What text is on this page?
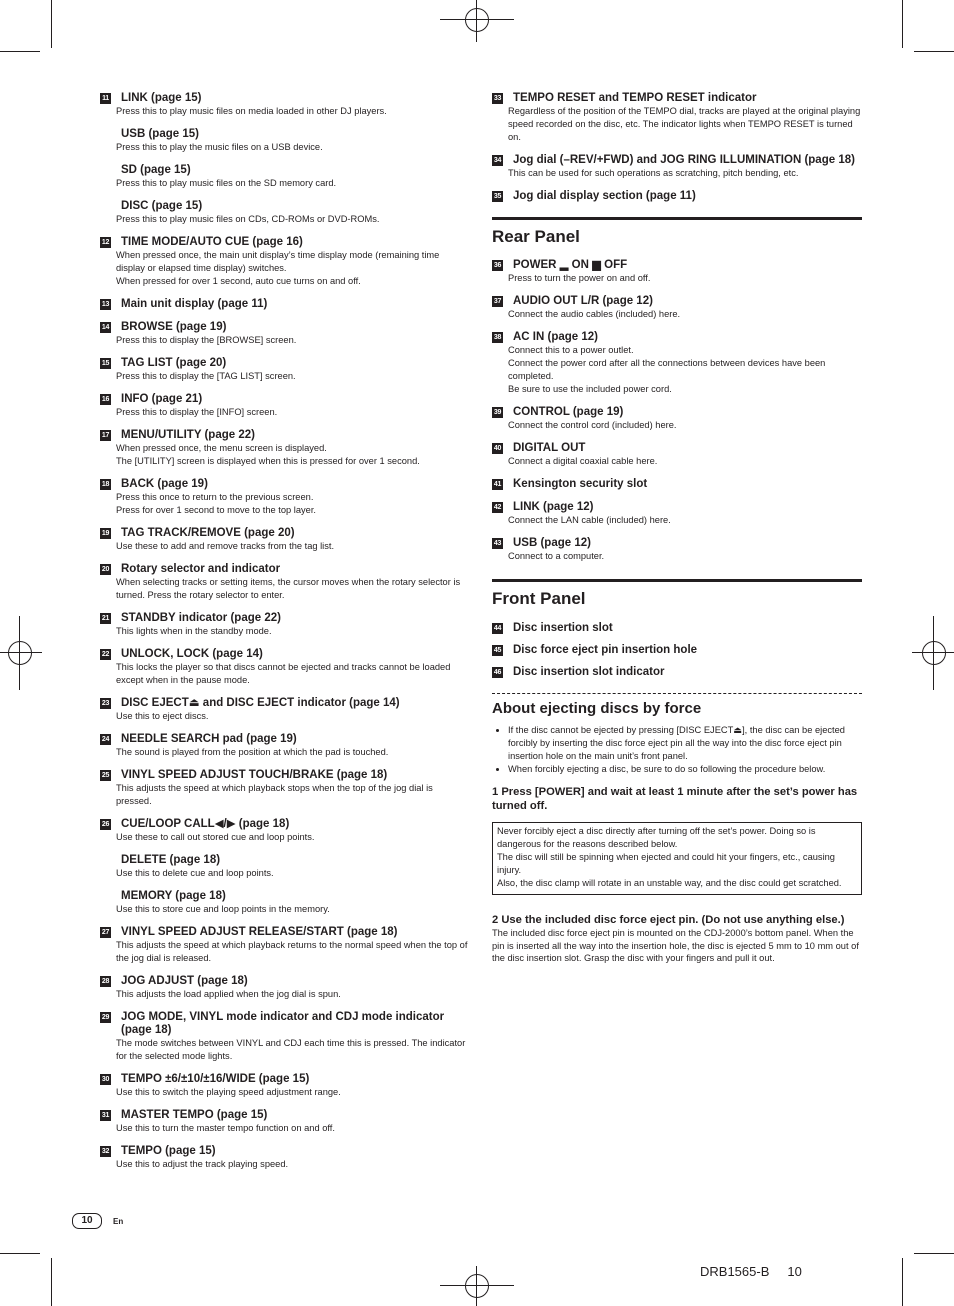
11 LINK (page 15)
Press this to play music files on media loaded in other DJ players.
USB (page 15)
Press this to play the music files on a USB device.
SD (page 15)
Press this to play music files on the SD memory card.
DISC (page 15)
Press this to play music files on CDs, CD-ROMs or DVD-ROMs.
12 TIME MODE/AUTO CUE (page 16)
When pressed once, the main unit display’s time display mode (remaining time display or elapsed time display) switches.
When pressed for over 1 second, auto cue turns on and off.
13 Main unit display (page 11)
14 BROWSE (page 19)
Press this to display the [BROWSE] screen.
15 TAG LIST (page 20)
Press this to display the [TAG LIST] screen.
16 INFO (page 21)
Press this to display the [INFO] screen.
17 MENU/UTILITY (page 22)
When pressed once, the menu screen is displayed.
The [UTILITY] screen is displayed when this is pressed for over 1 second.
18 BACK (page 19)
Press this once to return to the previous screen.
Press for over 1 second to move to the top layer.
19 TAG TRACK/REMOVE (page 20)
Use these to add and remove tracks from the tag list.
20 Rotary selector and indicator
When selecting tracks or setting items, the cursor moves when the rotary selector is turned. Press the rotary selector to enter.
21 STANDBY indicator (page 22)
This lights when in the standby mode.
22 UNLOCK, LOCK (page 14)
This locks the player so that discs cannot be ejected and tracks cannot be loaded except when in the pause mode.
23 DISC EJECT⏏ and DISC EJECT indicator (page 14)
Use this to eject discs.
24 NEEDLE SEARCH pad (page 19)
The sound is played from the position at which the pad is touched.
25 VINYL SPEED ADJUST TOUCH/BRAKE (page 18)
This adjusts the speed at which playback stops when the top of the jog dial is pressed.
26 CUE/LOOP CALL◀/▶ (page 18)
Use these to call out stored cue and loop points.
DELETE (page 18)
Use this to delete cue and loop points.
MEMORY (page 18)
Use this to store cue and loop points in the memory.
27 VINYL SPEED ADJUST RELEASE/START (page 18)
This adjusts the speed at which playback returns to the normal speed when the top of the jog dial is released.
28 JOG ADJUST (page 18)
This adjusts the load applied when the jog dial is spun.
29 JOG MODE, VINYL mode indicator and CDJ mode indicator (page 18)
The mode switches between VINYL and CDJ each time this is pressed. The indicator for the selected mode lights.
30 TEMPO ±6/±10/±16/WIDE (page 15)
Use this to switch the playing speed adjustment range.
31 MASTER TEMPO (page 15)
Use this to turn the master tempo function on and off.
32 TEMPO (page 15)
Use this to adjust the track playing speed.
33 TEMPO RESET and TEMPO RESET indicator
Regardless of the position of the TEMPO dial, tracks are played at the original playing speed recorded on the disc, etc. The indicator lights when TEMPO RESET is turned on.
34 Jog dial (–REV/+FWD) and JOG RING ILLUMINATION (page 18)
This can be used for such operations as scratching, pitch bending, etc.
35 Jog dial display section (page 11)
Rear Panel
36 POWER ▂ ON ▆ OFF
Press to turn the power on and off.
37 AUDIO OUT L/R (page 12)
Connect the audio cables (included) here.
38 AC IN (page 12)
Connect this to a power outlet.
Connect the power cord after all the connections between devices have been completed.
Be sure to use the included power cord.
39 CONTROL (page 19)
Connect the control cord (included) here.
40 DIGITAL OUT
Connect a digital coaxial cable here.
41 Kensington security slot
42 LINK (page 12)
Connect the LAN cable (included) here.
43 USB (page 12)
Connect to a computer.
Front Panel
44 Disc insertion slot
45 Disc force eject pin insertion hole
46 Disc insertion slot indicator
About ejecting discs by force
• If the disc cannot be ejected by pressing [DISC EJECT⏏], the disc can be ejected forcibly by inserting the disc force eject pin all the way into the disc force eject pin insertion hole on the main unit’s front panel.
• When forcibly ejecting a disc, be sure to do so following the procedure below.
1 Press [POWER] and wait at least 1 minute after the set’s power has turned off.
Never forcibly eject a disc directly after turning off the set’s power. Doing so is dangerous for the reasons described below.
The disc will still be spinning when ejected and could hit your fingers, etc., causing injury.
Also, the disc clamp will rotate in an unstable way, and the disc could get scratched.
2 Use the included disc force eject pin. (Do not use anything else.)
The included disc force eject pin is mounted on the CDJ-2000’s bottom panel. When the pin is inserted all the way into the insertion hole, the disc is ejected 5 mm to 10 mm out of the disc insertion slot. Grasp the disc with your fingers and pull it out.
10	En
DRB1565-B     10
